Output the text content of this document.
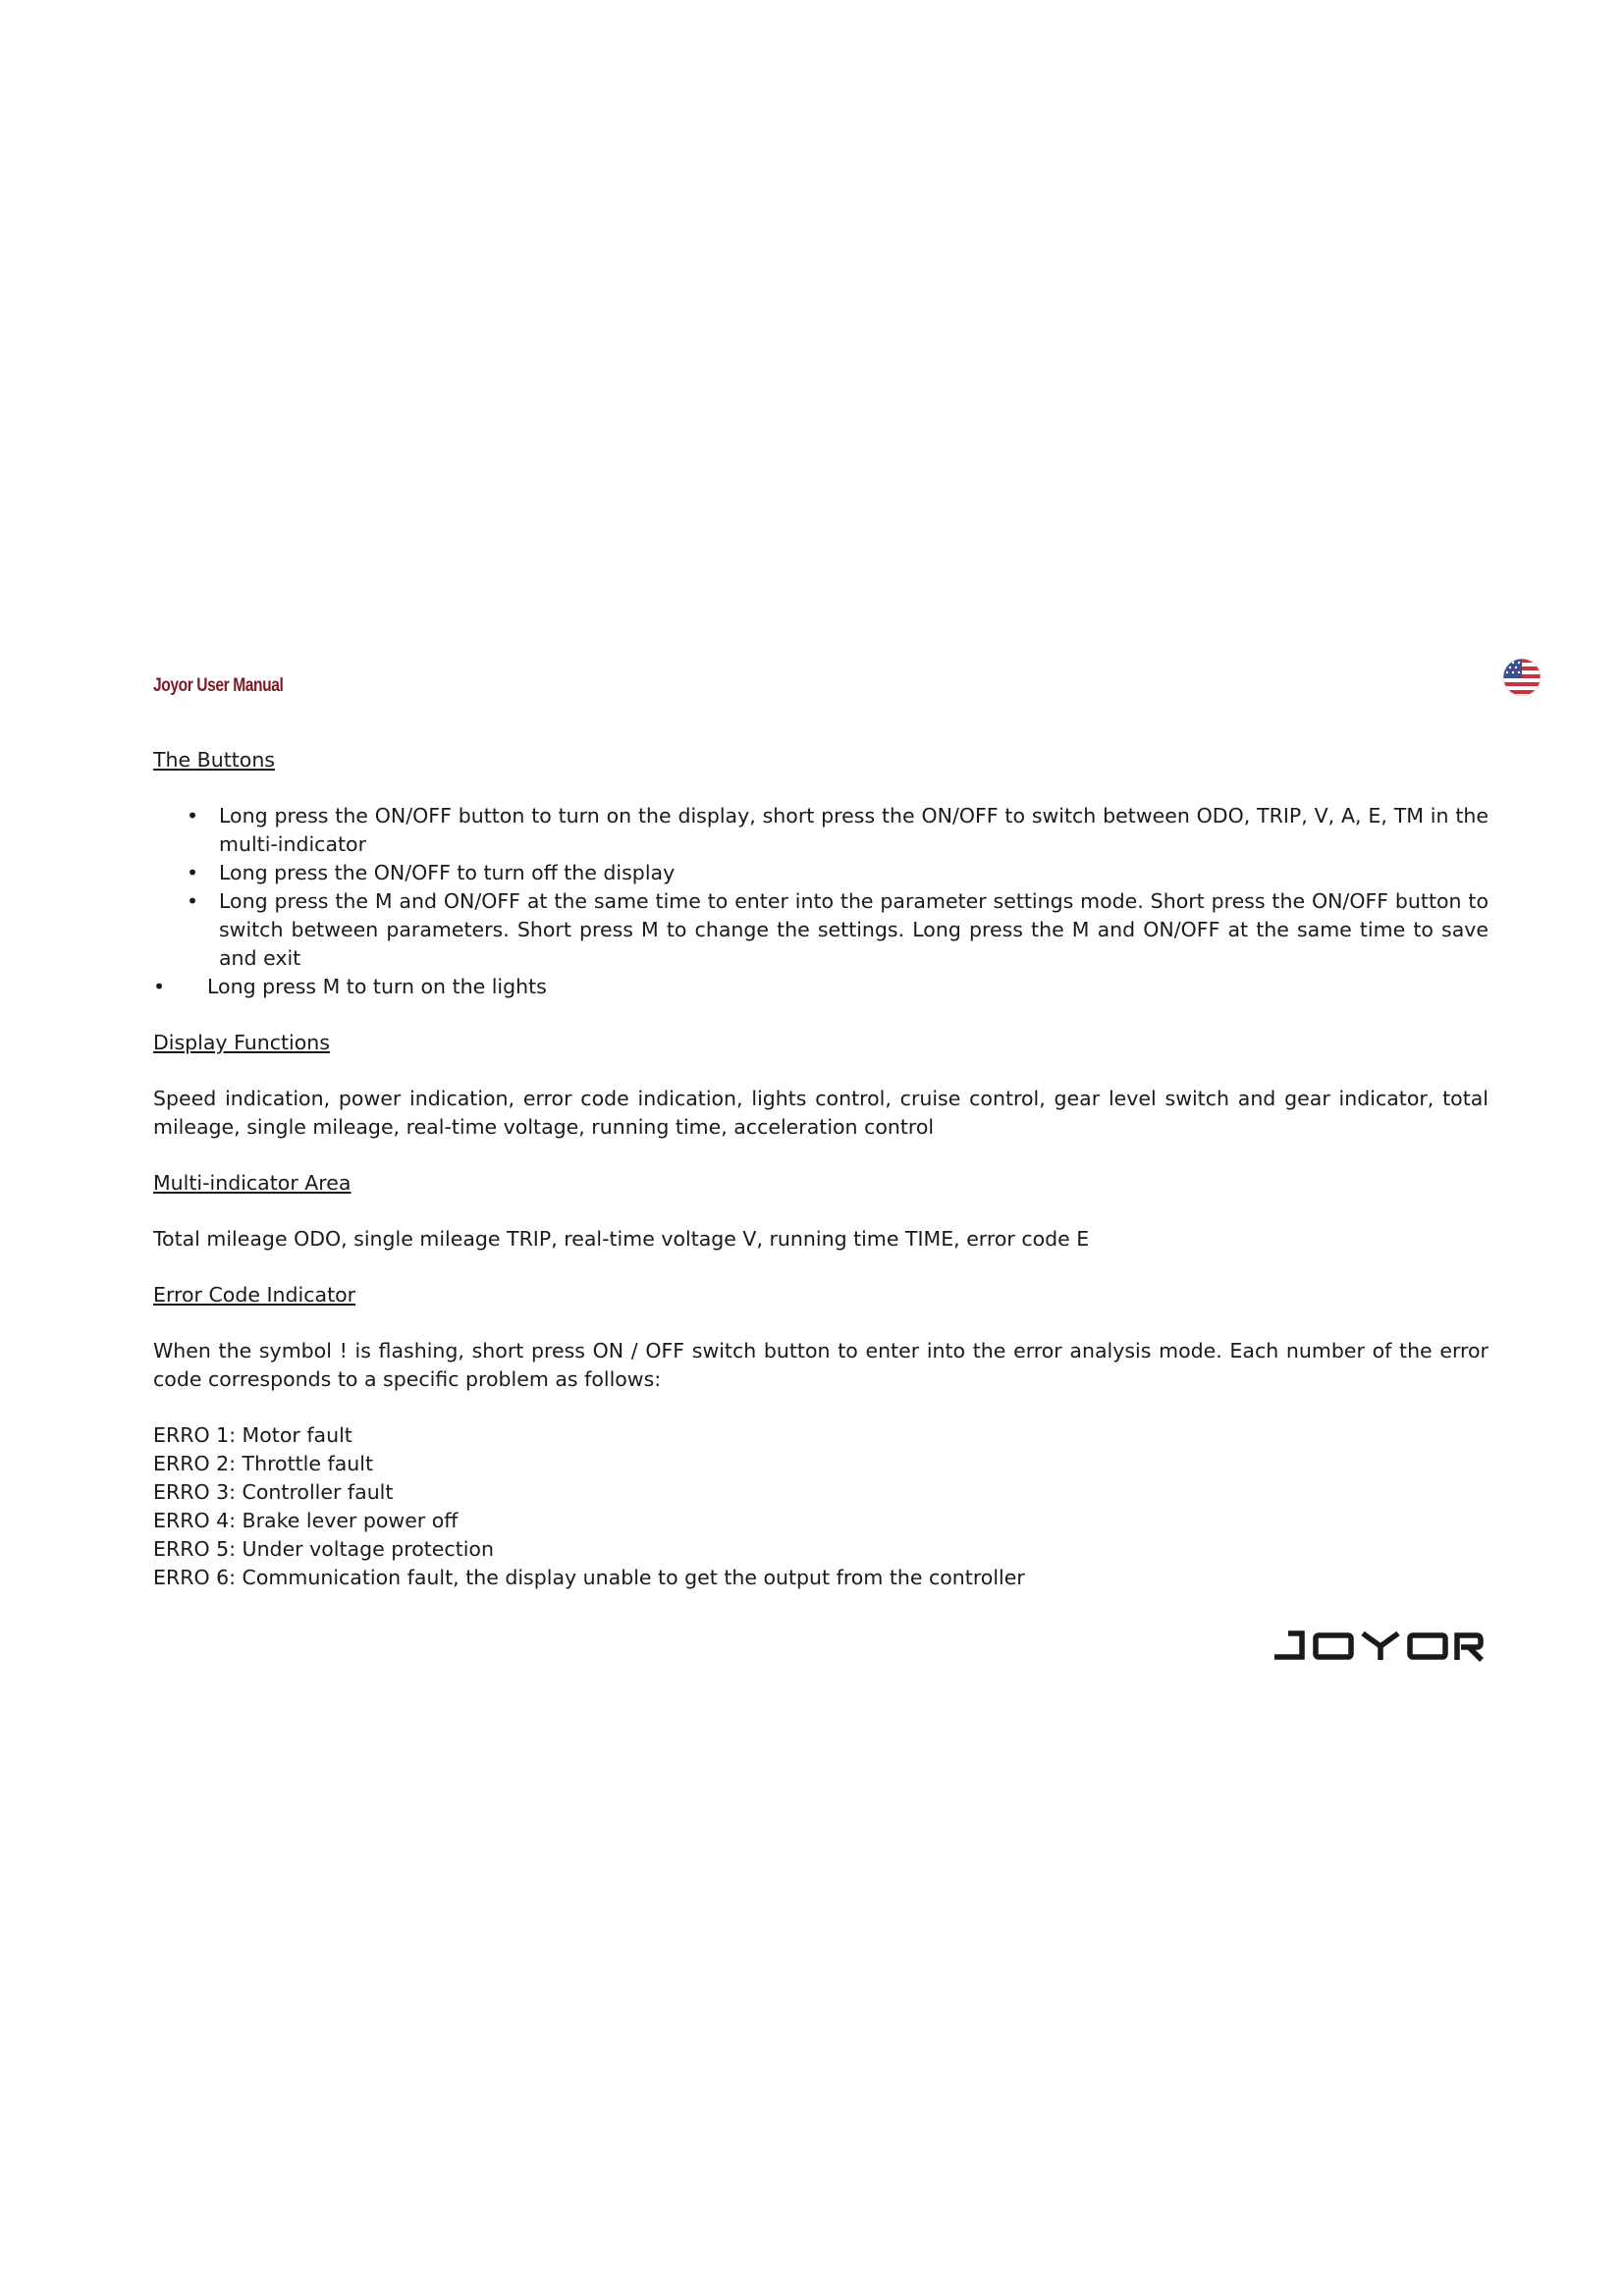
Joyor User Manual
The Buttons
• Long press the ON/OFF button to turn on the display, short press the ON/OFF to switch between ODO, TRIP, V, A, E, TM in the multi-indicator
• Long press the ON/OFF to turn off the display
• Long press the M and ON/OFF at the same time to enter into the parameter settings mode. Short press the ON/OFF button to switch between parameters. Short press M to change the settings. Long press the M and ON/OFF at the same time to save and exit
• Long press M to turn on the lights
Display Functions

Speed indication, power indication, error code indication, lights control, cruise control, gear level switch and gear indicator, total mileage, single mileage, real-time voltage, running time, acceleration control

Multi-indicator Area

Total mileage ODO, single mileage TRIP, real-time voltage V, running time TIME, error code E

Error Code Indicator

When the symbol ! is flashing, short press ON / OFF switch button to enter into the error analysis mode. Each number of the error code corresponds to a specific problem as follows:

ERRO 1: Motor fault
ERRO 2: Throttle fault
ERRO 3: Controller fault
ERRO 4: Brake lever power off
ERRO 5: Under voltage protection
ERRO 6: Communication fault, the display unable to get the output from the controller
